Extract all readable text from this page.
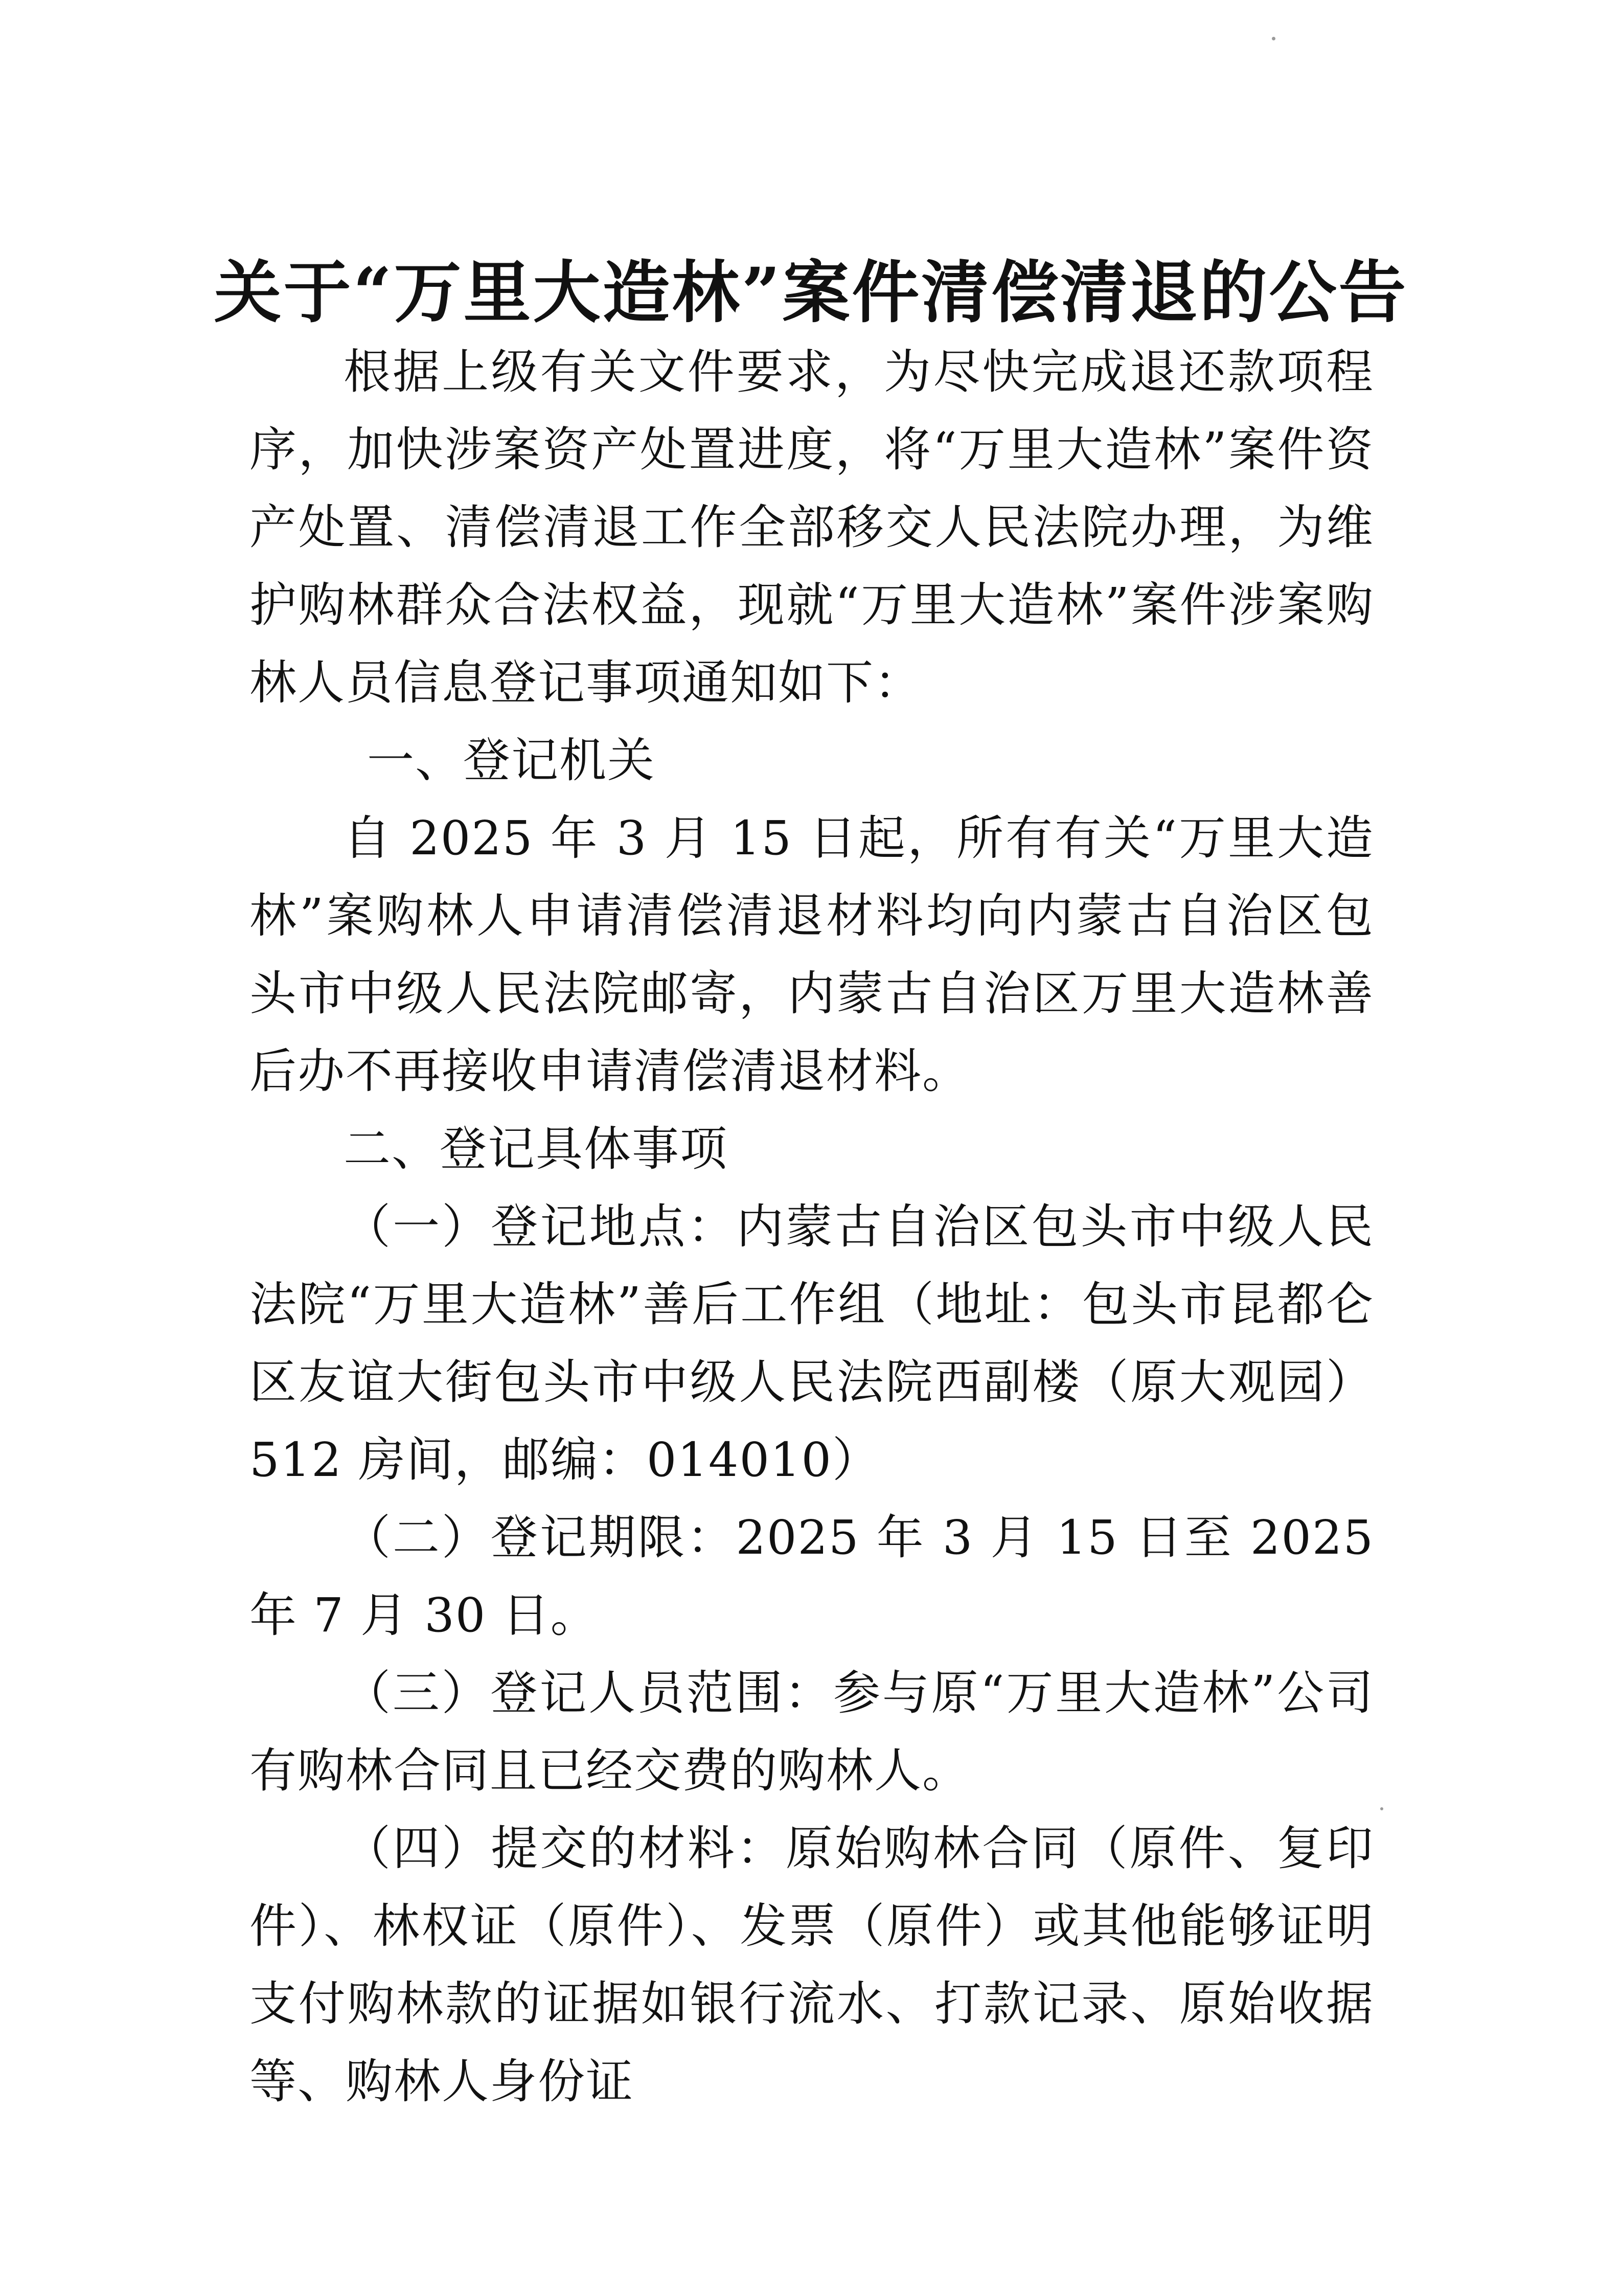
关于“万里大造林”案件清偿清退的公告

根据上级有关文件要求，为尽快完成退还款项程序，加快涉案资产处置进度，将“万里大造林”案件资产处置、清偿清退工作全部移交人民法院办理，为维护购林群众合法权益，现就“万里大造林”案件涉案购林人员信息登记事项通知如下：

一、登记机关

自 2025 年 3 月 15 日起，所有有关“万里大造林”案购林人申请清偿清退材料均向内蒙古自治区包头市中级人民法院邮寄，内蒙古自治区万里大造林善后办不再接收申请清偿清退材料。

二、登记具体事项

（一）登记地点：内蒙古自治区包头市中级人民法院“万里大造林”善后工作组（地址：包头市昆都仑区友谊大街包头市中级人民法院西副楼（原大观园）512 房间，邮编：014010）

（二）登记期限：2025 年 3 月 15 日至 2025 年 7 月 30 日。

（三）登记人员范围：参与原“万里大造林”公司有购林合同且已经交费的购林人。

（四）提交的材料：原始购林合同（原件、复印件）、林权证（原件）、发票（原件）或其他能够证明支付购林款的证据如银行流水、打款记录、原始收据等、购林人身份证
